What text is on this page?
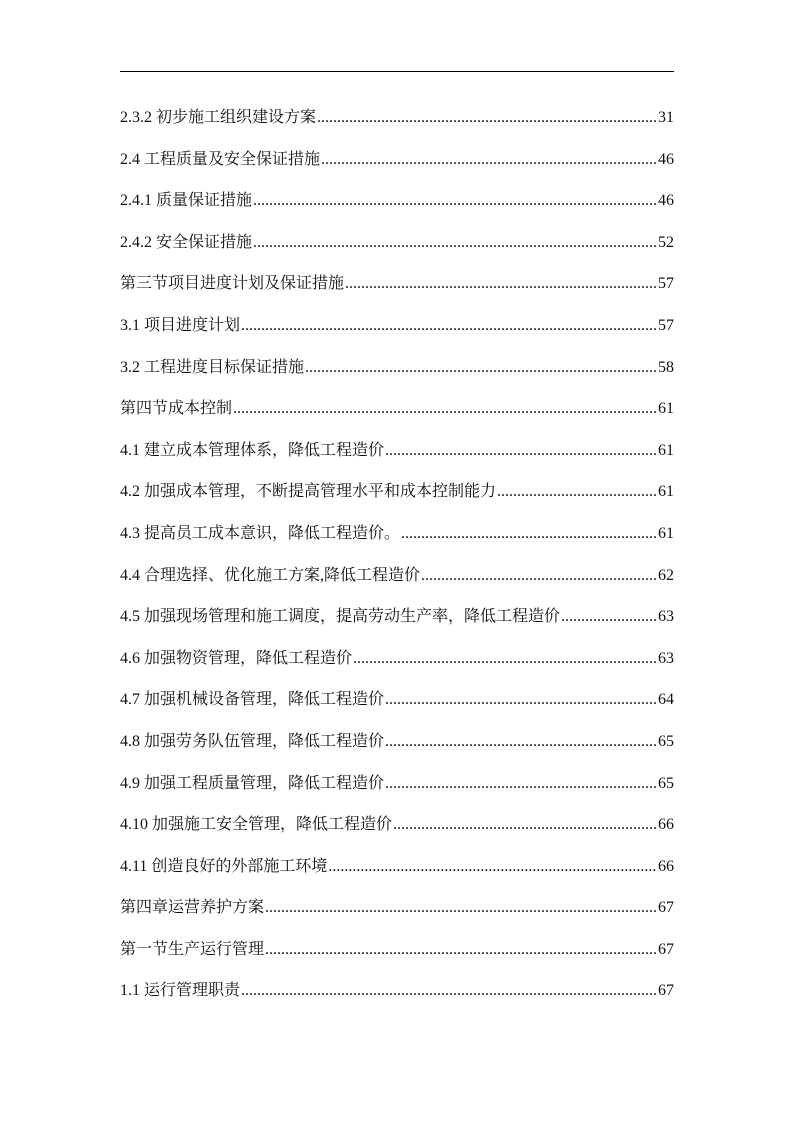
2.3.2 初步施工组织建设方案 .....	31
2.4 工程质量及安全保证措施 .....	46
2.4.1 质量保证措施 .....	46
2.4.2 安全保证措施 .....	52
第三节项目进度计划及保证措施 .....	57
3.1 项目进度计划 .....	57
3.2 工程进度目标保证措施 .....	58
第四节成本控制 .....	61
4.1 建立成本管理体系，降低工程造价 .....	61
4.2 加强成本管理，不断提高管理水平和成本控制能力 .....	61
4.3 提高员工成本意识，降低工程造价。 .....	61
4.4 合理选择、优化施工方案,降低工程造价 .....	62
4.5 加强现场管理和施工调度，提高劳动生产率，降低工程造价 .....	63
4.6 加强物资管理，降低工程造价 .....	63
4.7 加强机械设备管理，降低工程造价 .....	64
4.8 加强劳务队伍管理，降低工程造价 .....	65
4.9 加强工程质量管理，降低工程造价 .....	65
4.10 加强施工安全管理，降低工程造价 .....	66
4.11 创造良好的外部施工环境 .....	66
第四章运营养护方案 .....	67
第一节生产运行管理 .....	67
1.1 运行管理职责 .....	67
